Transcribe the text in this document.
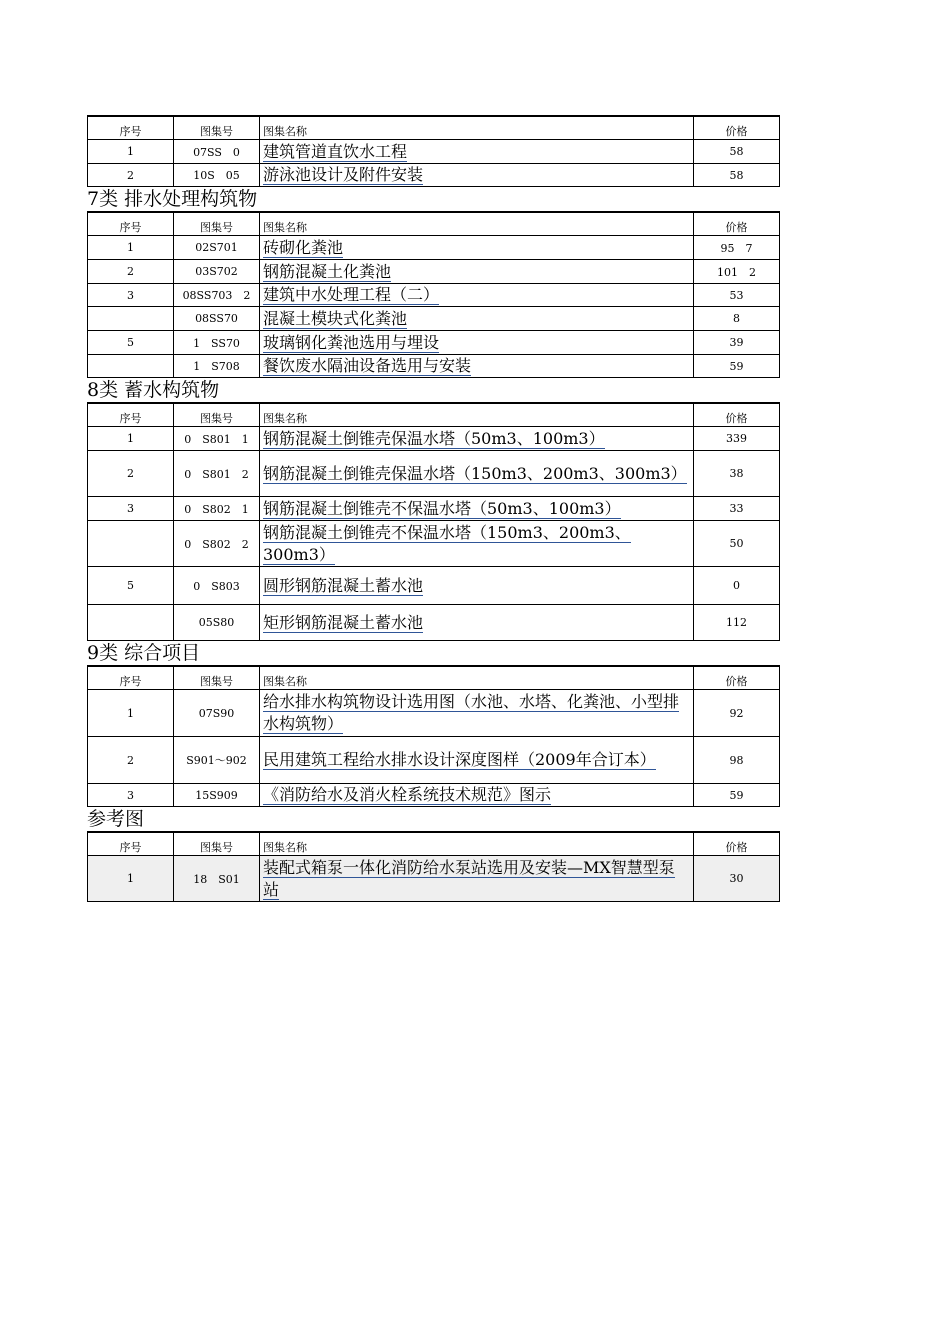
序号	图集号	图集名称	价格
1	07SS　0	建筑管道直饮水工程	58
2	10S　05	游泳池设计及附件安装	58
7类 排水处理构筑物
序号	图集号	图集名称	价格
1	02S701	砖砌化粪池	95　7
2	03S702	钢筋混凝土化粪池	101　2
3	08SS703　2	建筑中水处理工程（二）	53
	08SS70	混凝土模块式化粪池	8
5	1　SS70	玻璃钢化粪池选用与埋设	39
	1　S708	餐饮废水隔油设备选用与安装	59
8类 蓄水构筑物
序号	图集号	图集名称	价格
1	0　S801　1	钢筋混凝土倒锥壳保温水塔（50m3、100m3）	339
2	0　S801　2	钢筋混凝土倒锥壳保温水塔（150m3、200m3、300m3）	38
3	0　S802　1	钢筋混凝土倒锥壳不保温水塔（50m3、100m3）	33
	0　S802　2	钢筋混凝土倒锥壳不保温水塔（150m3、200m3、300m3）	50
5	0　S803	圆形钢筋混凝土蓄水池	0
	05S80	矩形钢筋混凝土蓄水池	112
9类 综合项目
序号	图集号	图集名称	价格
1	07S90	给水排水构筑物设计选用图（水池、水塔、化粪池、小型排水构筑物）	92
2	S901～902	民用建筑工程给水排水设计深度图样（2009年合订本）	98
3	15S909	《消防给水及消火栓系统技术规范》图示	59
参考图
序号	图集号	图集名称	价格
1	18　S01	装配式箱泵一体化消防给水泵站选用及安装—MX智慧型泵站	30
